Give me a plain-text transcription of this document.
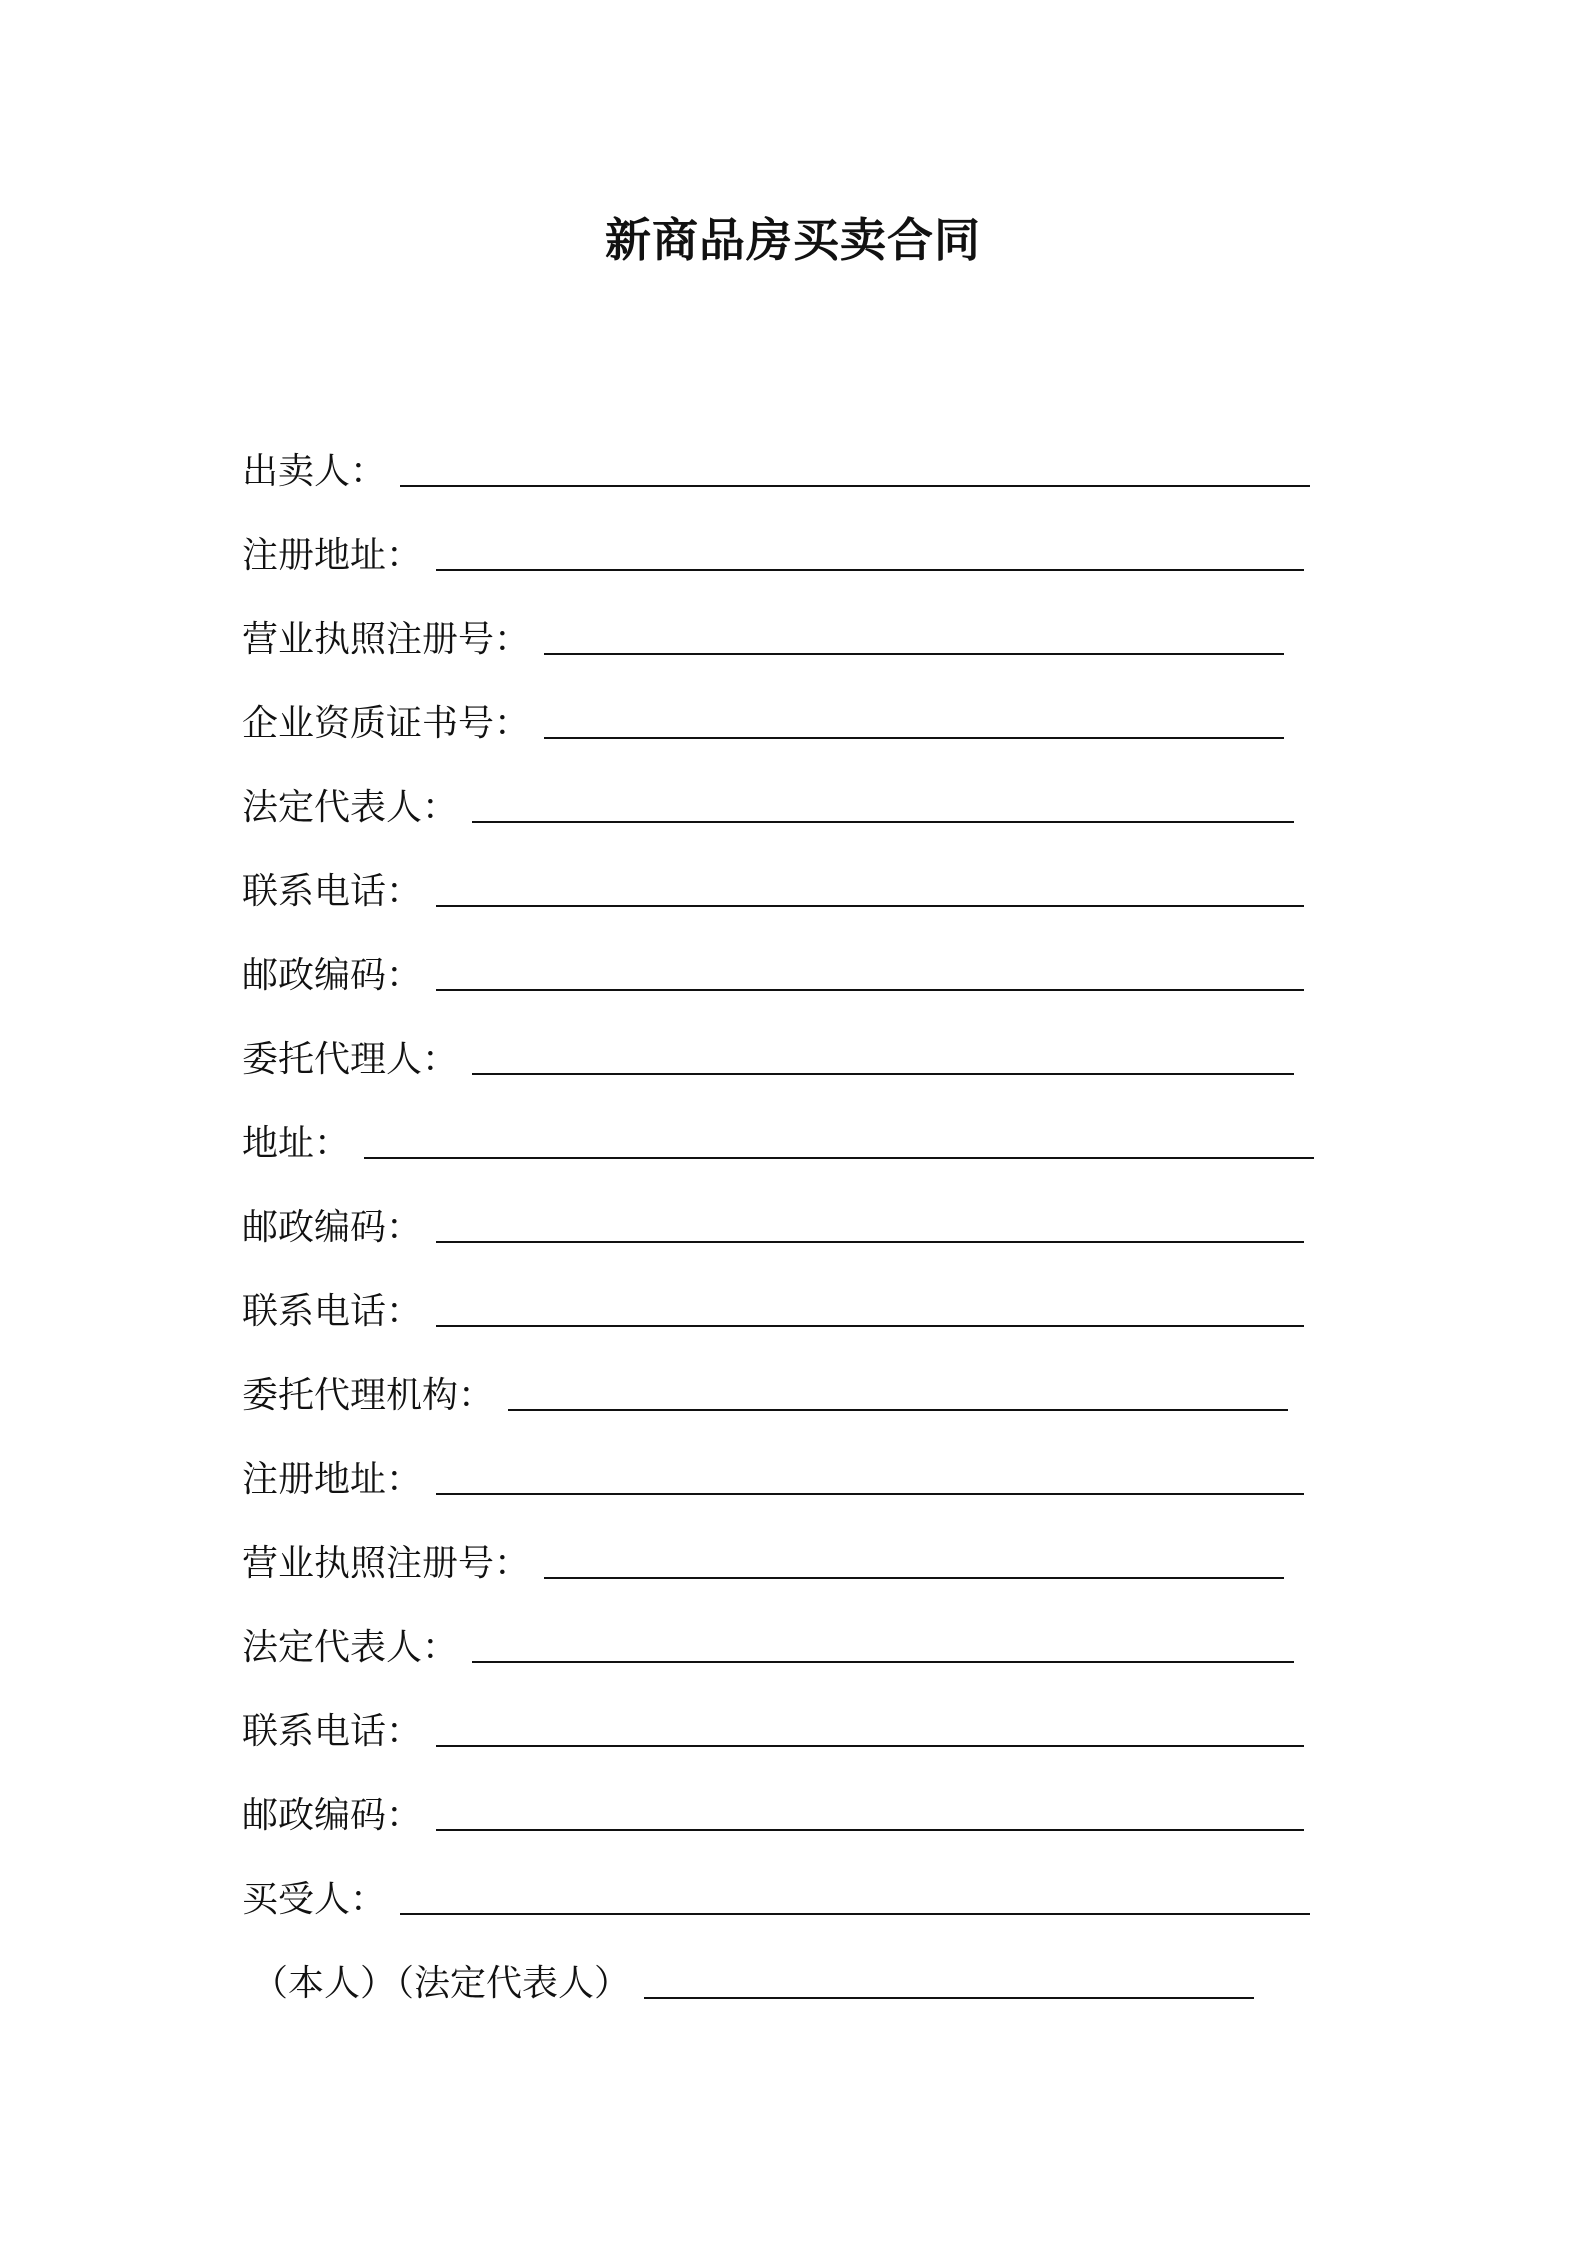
新商品房买卖合同
出卖人：
注册地址：
营业执照注册号：
企业资质证书号：
法定代表人：
联系电话：
邮政编码：
委托代理人：
地址：
邮政编码：
联系电话：
委托代理机构：
注册地址：
营业执照注册号：
法定代表人：
联系电话：
邮政编码：
买受人：
（本人）（法定代表人）
